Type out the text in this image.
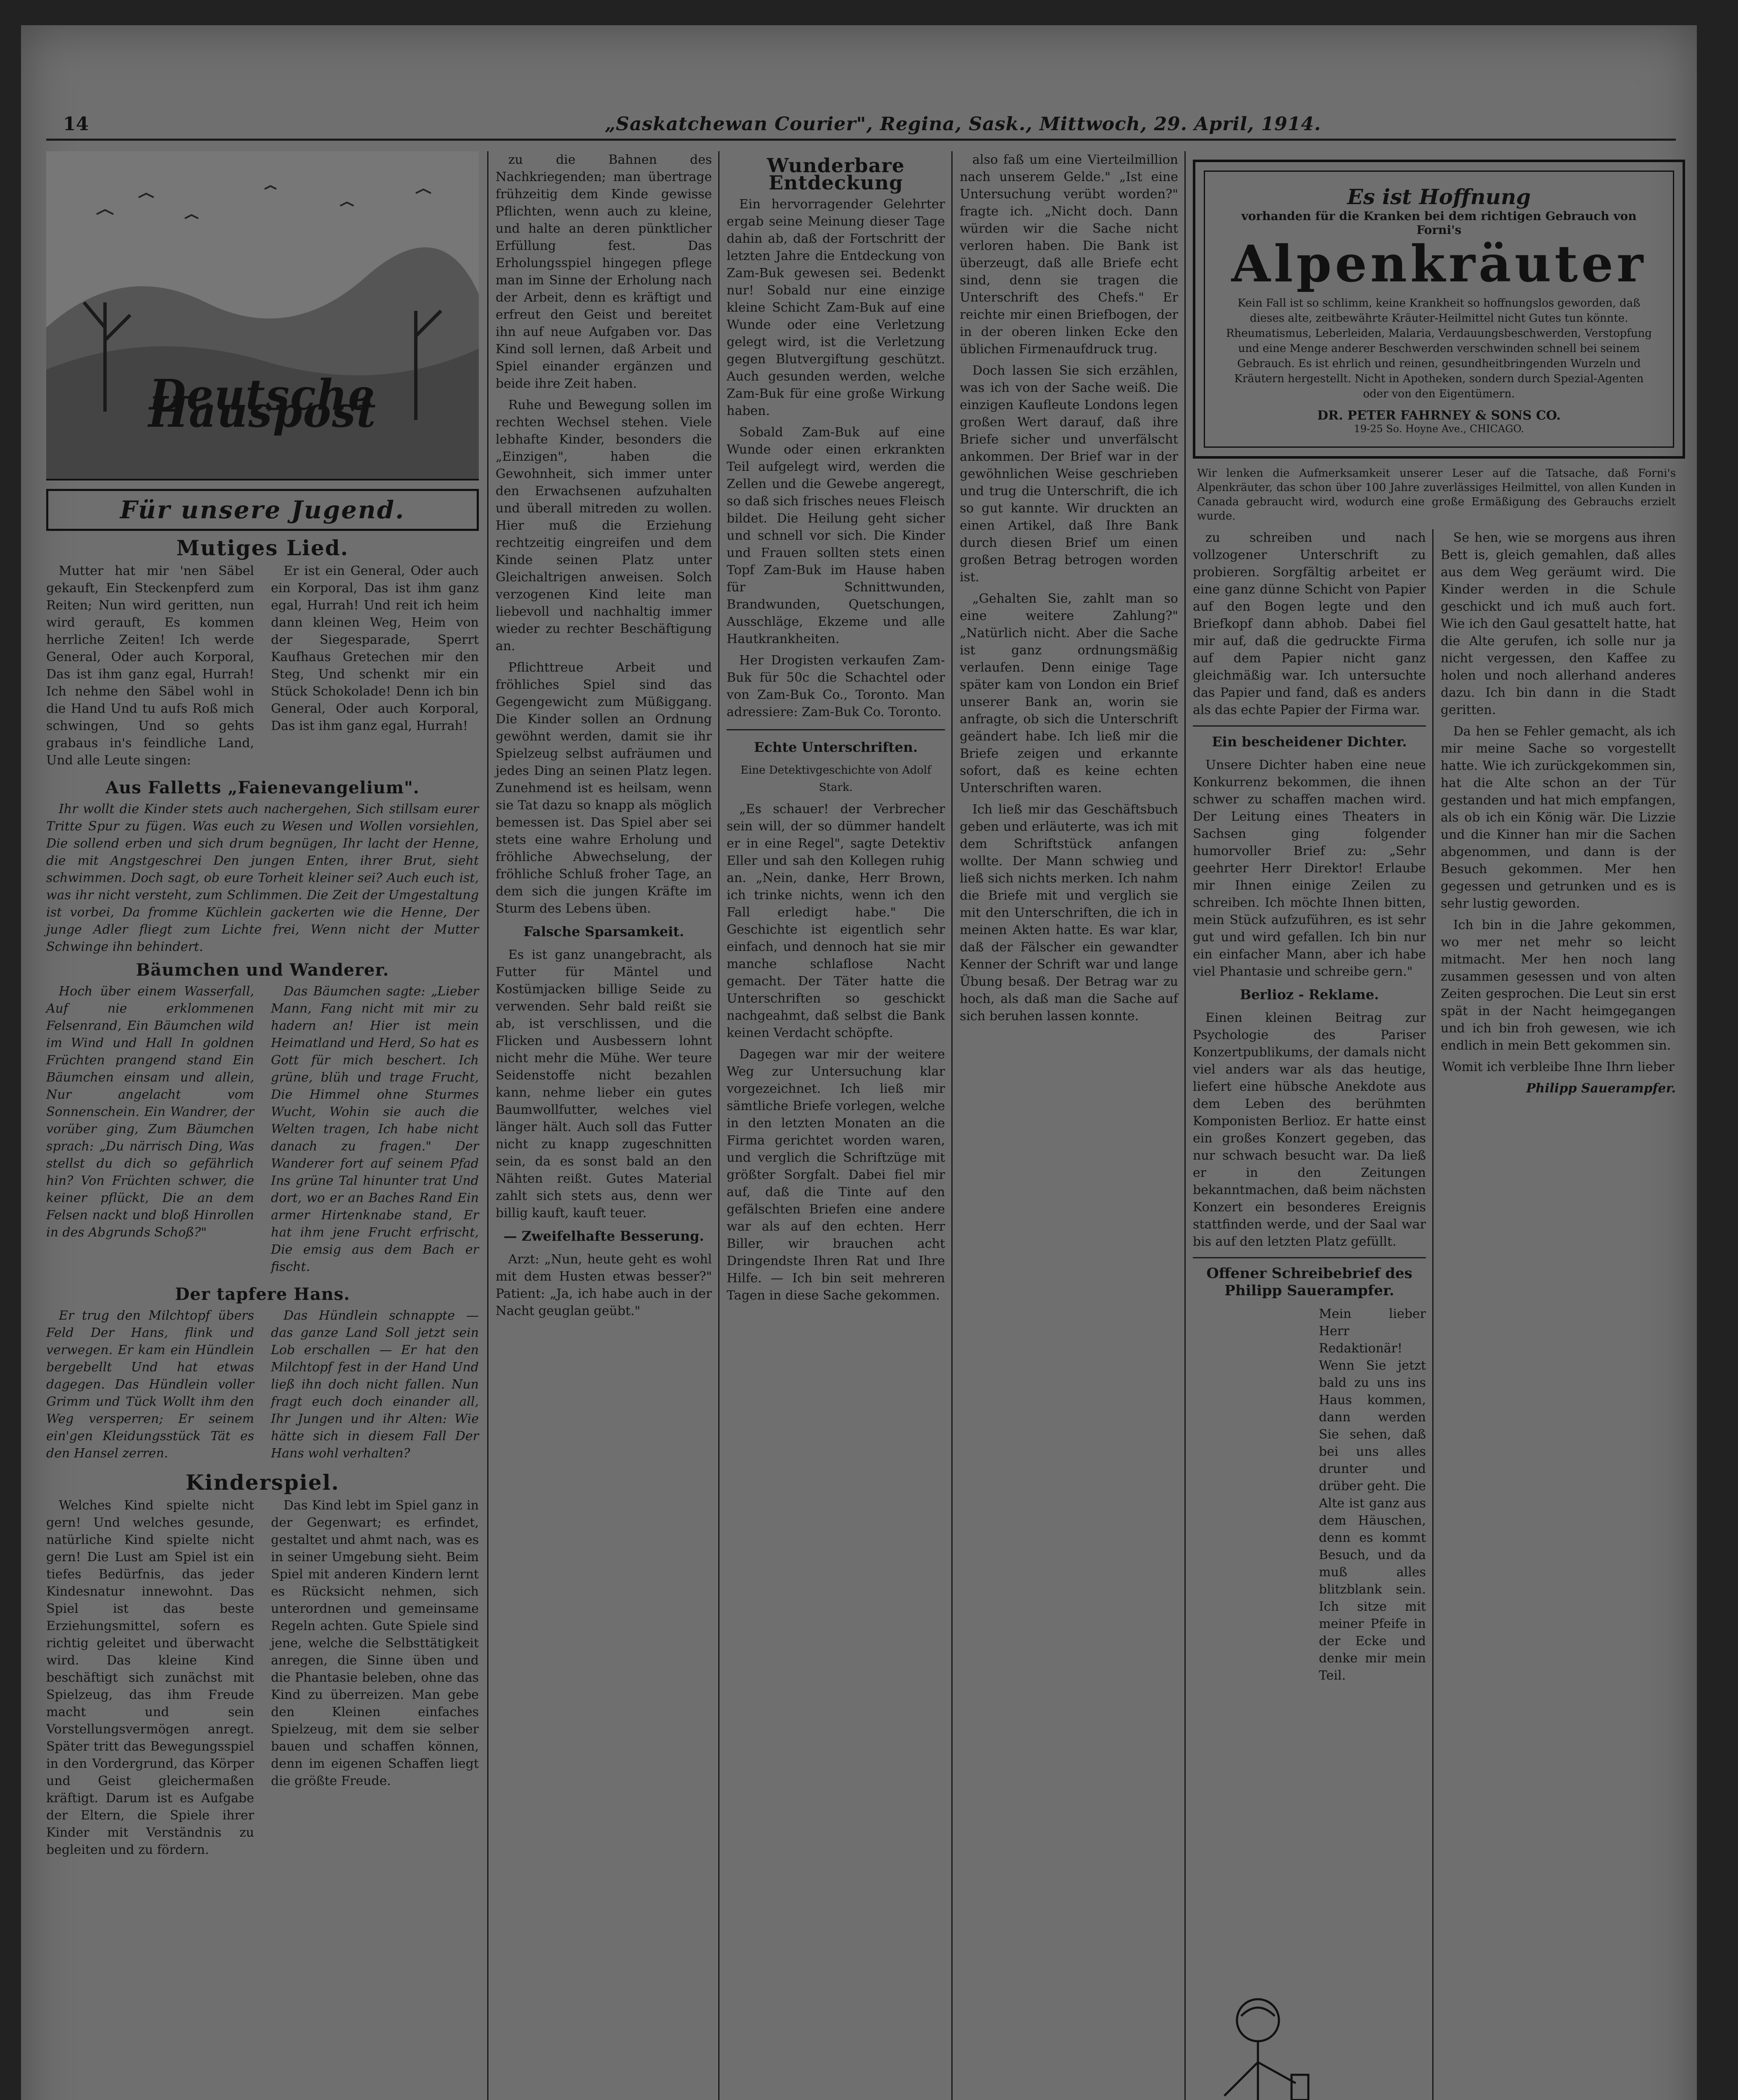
14	„Saskatchewan Courier", Regina, Sask., Mittwoch, 29. April, 1914.
Deutsche Hauspost
Für unsere Jugend.
Mutiges Lied.

Mutter hat mir 'nen Säbel gekauft, Ein Steckenpferd zum Reiten; Nun wird geritten, nun wird gerauft, Es kommen herrliche Zeiten! Ich werde General, Oder auch Korporal, Das ist ihm ganz egal, Hurrah! Ich nehme den Säbel wohl in die Hand Und tu aufs Roß mich schwingen, Und so gehts grabaus in's feindliche Land, Und alle Leute singen:

Er ist ein General, Oder auch ein Korporal, Das ist ihm ganz egal, Hurrah! Und reit ich heim dann kleinen Weg, Heim von der Siegesparade, Sperrt Kaufhaus Gretechen mir den Steg, Und schenkt mir ein Stück Schokolade! Denn ich bin General, Oder auch Korporal, Das ist ihm ganz egal, Hurrah!

Aus Falletts „Faienevangelium".

Ihr wollt die Kinder stets auch nachergehen, Sich stillsam eurer Tritte Spur zu fügen. Was euch zu Wesen und Wollen vorsiehlen, Die sollend erben und sich drum begnügen, Ihr lacht der Henne, die mit Angstgeschrei Den jungen Enten, ihrer Brut, sieht schwimmen. Doch sagt, ob eure Torheit kleiner sei? Auch euch ist, was ihr nicht versteht, zum Schlimmen. Die Zeit der Umgestaltung ist vorbei, Da fromme Küchlein gackerten wie die Henne, Der junge Adler fliegt zum Lichte frei, Wenn nicht der Mutter Schwinge ihn behindert.

Bäumchen und Wanderer.

Hoch über einem Wasserfall, Auf nie erklommenen Felsenrand, Ein Bäumchen wild im Wind und Hall In goldnen Früchten prangend stand Ein Bäumchen einsam und allein, Nur angelacht vom Sonnenschein. Ein Wandrer, der vorüber ging, Zum Bäumchen sprach: „Du närrisch Ding, Was stellst du dich so gefährlich hin? Von Früchten schwer, die keiner pflückt, Die an dem Felsen nackt und bloß Hinrollen in des Abgrunds Schoß?"

Das Bäumchen sagte: „Lieber Mann, Fang nicht mit mir zu hadern an! Hier ist mein Heimatland und Herd, So hat es Gott für mich beschert. Ich grüne, blüh und trage Frucht, Die Himmel ohne Sturmes Wucht, Wohin sie auch die Welten tragen, Ich habe nicht danach zu fragen." Der Wanderer fort auf seinem Pfad Ins grüne Tal hinunter trat Und dort, wo er an Baches Rand Ein armer Hirtenknabe stand, Er hat ihm jene Frucht erfrischt, Die emsig aus dem Bach er fischt.

Der tapfere Hans.

Er trug den Milchtopf übers Feld Der Hans, flink und verwegen. Er kam ein Hündlein bergebellt Und hat etwas dagegen. Das Hündlein voller Grimm und Tück Wollt ihm den Weg versperren; Er seinem ein'gen Kleidungsstück Tät es den Hansel zerren.

Das Hündlein schnappte — das ganze Land Soll jetzt sein Lob erschallen — Er hat den Milchtopf fest in der Hand Und ließ ihn doch nicht fallen. Nun fragt euch doch einander all, Ihr Jungen und ihr Alten: Wie hätte sich in diesem Fall Der Hans wohl verhalten?

Kinderspiel.

Welches Kind spielte nicht gern! Und welches gesunde, natürliche Kind spielte nicht gern! Die Lust am Spiel ist ein tiefes Bedürfnis, das jeder Kindesnatur innewohnt. Das Spiel ist das beste Erziehungsmittel, sofern es richtig geleitet und überwacht wird. Das kleine Kind beschäftigt sich zunächst mit Spielzeug, das ihm Freude macht und sein Vorstellungsvermögen anregt. Später tritt das Bewegungsspiel in den Vordergrund, das Körper und Geist gleichermaßen kräftigt. Darum ist es Aufgabe der Eltern, die Spiele ihrer Kinder mit Verständnis zu begleiten und zu fördern.

Das Kind lebt im Spiel ganz in der Gegenwart; es erfindet, gestaltet und ahmt nach, was es in seiner Umgebung sieht. Beim Spiel mit anderen Kindern lernt es Rücksicht nehmen, sich unterordnen und gemeinsame Regeln achten. Gute Spiele sind jene, welche die Selbsttätigkeit anregen, die Sinne üben und die Phantasie beleben, ohne das Kind zu überreizen. Man gebe den Kleinen einfaches Spielzeug, mit dem sie selber bauen und schaffen können, denn im eigenen Schaffen liegt die größte Freude.

zu die Bahnen des Nachkriegenden; man übertrage frühzeitig dem Kinde gewisse Pflichten, wenn auch zu kleine, und halte an deren pünktlicher Erfüllung fest. Das Erholungsspiel hingegen pflege man im Sinne der Erholung nach der Arbeit, denn es kräftigt und erfreut den Geist und bereitet ihn auf neue Aufgaben vor. Das Kind soll lernen, daß Arbeit und Spiel einander ergänzen und beide ihre Zeit haben.

Ruhe und Bewegung sollen im rechten Wechsel stehen. Viele lebhafte Kinder, besonders die „Einzigen", haben die Gewohnheit, sich immer unter den Erwachsenen aufzuhalten und überall mitreden zu wollen. Hier muß die Erziehung rechtzeitig eingreifen und dem Kinde seinen Platz unter Gleichaltrigen anweisen. Solch verzogenen Kind leite man liebevoll und nachhaltig immer wieder zu rechter Beschäftigung an.

Pflichttreue Arbeit und fröhliches Spiel sind das Gegengewicht zum Müßiggang. Die Kinder sollen an Ordnung gewöhnt werden, damit sie ihr Spielzeug selbst aufräumen und jedes Ding an seinen Platz legen. Zunehmend ist es heilsam, wenn sie Tat dazu so knapp als möglich bemessen ist. Das Spiel aber sei stets eine wahre Erholung und fröhliche Abwechselung, der fröhliche Schluß froher Tage, an dem sich die jungen Kräfte im Sturm des Lebens üben.

Falsche Sparsamkeit.

Es ist ganz unangebracht, als Futter für Mäntel und Kostümjacken billige Seide zu verwenden. Sehr bald reißt sie ab, ist verschlissen, und die Flicken und Ausbessern lohnt nicht mehr die Mühe. Wer teure Seidenstoffe nicht bezahlen kann, nehme lieber ein gutes Baumwollfutter, welches viel länger hält. Auch soll das Futter nicht zu knapp zugeschnitten sein, da es sonst bald an den Nähten reißt. Gutes Material zahlt sich stets aus, denn wer billig kauft, kauft teuer.

— Zweifelhafte Besserung.

Arzt: „Nun, heute geht es wohl mit dem Husten etwas besser?" Patient: „Ja, ich habe auch in der Nacht geuglan geübt."

Wunderbare Entdeckung

Ein hervorragender Gelehrter ergab seine Meinung dieser Tage dahin ab, daß der Fortschritt der letzten Jahre die Entdeckung von Zam-Buk gewesen sei. Bedenkt nur! Sobald nur eine einzige kleine Schicht Zam-Buk auf eine Wunde oder eine Verletzung gelegt wird, ist die Verletzung gegen Blutvergiftung geschützt. Auch gesunden werden, welche Zam-Buk für eine große Wirkung haben.

Sobald Zam-Buk auf eine Wunde oder einen erkrankten Teil aufgelegt wird, werden die Zellen und die Gewebe angeregt, so daß sich frisches neues Fleisch bildet. Die Heilung geht sicher und schnell vor sich. Die Kinder und Frauen sollten stets einen Topf Zam-Buk im Hause haben für Schnittwunden, Brandwunden, Quetschungen, Ausschläge, Ekzeme und alle Hautkrankheiten.

Her Drogisten verkaufen Zam-Buk für 50c die Schachtel oder von Zam-Buk Co., Toronto. Man adressiere: Zam-Buk Co. Toronto.

Echte Unterschriften.
Eine Detektivgeschichte von Adolf Stark.

„Es schauer! der Verbrecher sein will, der so dümmer handelt er in eine Regel", sagte Detektiv Eller und sah den Kollegen ruhig an. „Nein, danke, Herr Brown, ich trinke nichts, wenn ich den Fall erledigt habe." Die Geschichte ist eigentlich sehr einfach, und dennoch hat sie mir manche schlaflose Nacht gemacht. Der Täter hatte die Unterschriften so geschickt nachgeahmt, daß selbst die Bank keinen Verdacht schöpfte.

Dagegen war mir der weitere Weg zur Untersuchung klar vorgezeichnet. Ich ließ mir sämtliche Briefe vorlegen, welche in den letzten Monaten an die Firma gerichtet worden waren, und verglich die Schriftzüge mit größter Sorgfalt. Dabei fiel mir auf, daß die Tinte auf den gefälschten Briefen eine andere war als auf den echten. Herr Biller, wir brauchen acht Dringendste Ihren Rat und Ihre Hilfe. — Ich bin seit mehreren Tagen in diese Sache gekommen.

also faß um eine Vierteilmillion nach unserem Gelde." „Ist eine Untersuchung verübt worden?" fragte ich. „Nicht doch. Dann würden wir die Sache nicht verloren haben. Die Bank ist überzeugt, daß alle Briefe echt sind, denn sie tragen die Unterschrift des Chefs." Er reichte mir einen Briefbogen, der in der oberen linken Ecke den üblichen Firmenaufdruck trug.

Doch lassen Sie sich erzählen, was ich von der Sache weiß. Die einzigen Kaufleute Londons legen großen Wert darauf, daß ihre Briefe sicher und unverfälscht ankommen. Der Brief war in der gewöhnlichen Weise geschrieben und trug die Unterschrift, die ich so gut kannte. Wir druckten an einen Artikel, daß Ihre Bank durch diesen Brief um einen großen Betrag betrogen worden ist.

„Gehalten Sie, zahlt man so eine weitere Zahlung?" „Natürlich nicht. Aber die Sache ist ganz ordnungsmäßig verlaufen. Denn einige Tage später kam von London ein Brief unserer Bank an, worin sie anfragte, ob sich die Unterschrift geändert habe. Ich ließ mir die Briefe zeigen und erkannte sofort, daß es keine echten Unterschriften waren.

Ich ließ mir das Geschäftsbuch geben und erläuterte, was ich mit dem Schriftstück anfangen wollte. Der Mann schwieg und ließ sich nichts merken. Ich nahm die Briefe mit und verglich sie mit den Unterschriften, die ich in meinen Akten hatte. Es war klar, daß der Fälscher ein gewandter Kenner der Schrift war und lange Übung besaß. Der Betrag war zu hoch, als daß man die Sache auf sich beruhen lassen konnte.

Es ist Hoffnung
vorhanden für die Kranken bei dem richtigen Gebrauch von Forni's
Alpenkräuter
Kein Fall ist so schlimm, keine Krankheit so hoffnungslos geworden, daß dieses alte, zeitbewährte Kräuter-Heilmittel nicht Gutes tun könnte. Rheumatismus, Leberleiden, Malaria, Verdauungsbeschwerden, Verstopfung und eine Menge anderer Beschwerden verschwinden schnell bei seinem Gebrauch. Es ist ehrlich und reinen, gesundheitbringenden Wurzeln und Kräutern hergestellt. Nicht in Apotheken, sondern durch Spezial-Agenten oder von den Eigentümern.
DR. PETER FAHRNEY & SONS CO.
19-25 So. Hoyne Ave., CHICAGO.
Wir lenken die Aufmerksamkeit unserer Leser auf die Tatsache, daß Forni's Alpenkräuter, das schon über 100 Jahre zuverlässiges Heilmittel, von allen Kunden in Canada gebraucht wird, wodurch eine große Ermäßigung des Gebrauchs erzielt wurde.

zu schreiben und nach vollzogener Unterschrift zu probieren. Sorgfältig arbeitet er eine ganz dünne Schicht von Papier auf den Bogen legte und den Briefkopf dann abhob. Dabei fiel mir auf, daß die gedruckte Firma auf dem Papier nicht ganz gleichmäßig war. Ich untersuchte das Papier und fand, daß es anders als das echte Papier der Firma war.

Ein bescheidener Dichter.

Unsere Dichter haben eine neue Konkurrenz bekommen, die ihnen schwer zu schaffen machen wird. Der Leitung eines Theaters in Sachsen ging folgender humorvoller Brief zu: „Sehr geehrter Herr Direktor! Erlaube mir Ihnen einige Zeilen zu schreiben. Ich möchte Ihnen bitten, mein Stück aufzuführen, es ist sehr gut und wird gefallen. Ich bin nur ein einfacher Mann, aber ich habe viel Phantasie und schreibe gern."

Berlioz - Reklame.

Einen kleinen Beitrag zur Psychologie des Pariser Konzertpublikums, der damals nicht viel anders war als das heutige, liefert eine hübsche Anekdote aus dem Leben des berühmten Komponisten Berlioz. Er hatte einst ein großes Konzert gegeben, das nur schwach besucht war. Da ließ er in den Zeitungen bekanntmachen, daß beim nächsten Konzert ein besonderes Ereignis stattfinden werde, und der Saal war bis auf den letzten Platz gefüllt.

Offener Schreibebrief des Philipp Sauerampfer.

Mein lieber Herr Redaktionär! Wenn Sie jetzt bald zu uns ins Haus kommen, dann werden Sie sehen, daß bei uns alles drunter und drüber geht. Die Alte ist ganz aus dem Häuschen, denn es kommt Besuch, und da muß alles blitzblank sein. Ich sitze mit meiner Pfeife in der Ecke und denke mir mein Teil.

Se hen, wie se morgens aus ihren Bett is, gleich gemahlen, daß alles aus dem Weg geräumt wird. Die Kinder werden in die Schule geschickt und ich muß auch fort. Wie ich den Gaul gesattelt hatte, hat die Alte gerufen, ich solle nur ja nicht vergessen, den Kaffee zu holen und noch allerhand anderes dazu. Ich bin dann in die Stadt geritten.

Da hen se Fehler gemacht, als ich mir meine Sache so vorgestellt hatte. Wie ich zurückgekommen sin, hat die Alte schon an der Tür gestanden und hat mich empfangen, als ob ich ein König wär. Die Lizzie und die Kinner han mir die Sachen abgenommen, und dann is der Besuch gekommen. Mer hen gegessen und getrunken und es is sehr lustig geworden.

Ich bin in die Jahre gekommen, wo mer net mehr so leicht mitmacht. Mer hen noch lang zusammen gesessen und von alten Zeiten gesprochen. Die Leut sin erst spät in der Nacht heimgegangen und ich bin froh gewesen, wie ich endlich in mein Bett gekommen sin.

Womit ich verbleibe Ihne Ihrn lieber

Philipp Sauerampfer.
